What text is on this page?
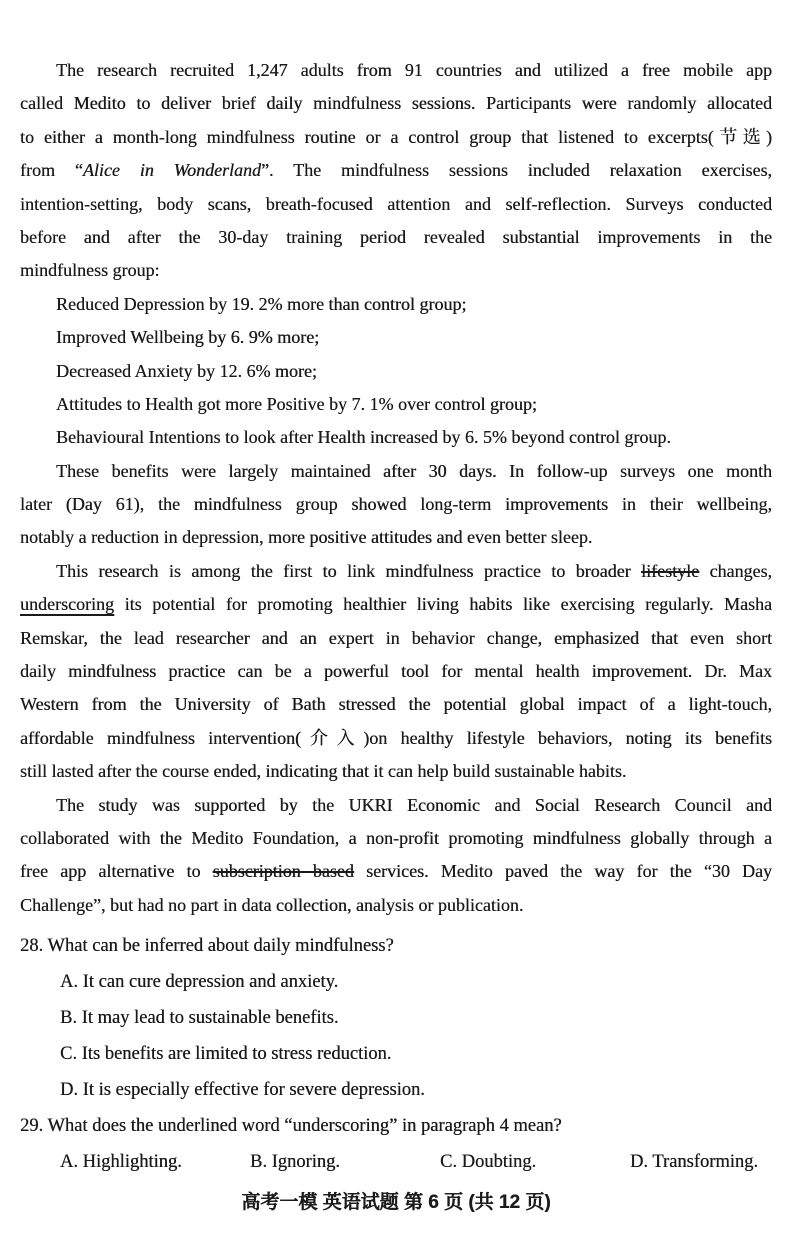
The research recruited 1,247 adults from 91 countries and utilized a free mobile app
called Medito to deliver brief daily mindfulness sessions. Participants were randomly allocated
to either a month-long mindfulness routine or a control group that listened to excerpts(节选)
from “Alice in Wonderland”. The mindfulness sessions included relaxation exercises,
intention-setting, body scans, breath-focused attention and self-reflection. Surveys conducted
before and after the 30-day training period revealed substantial improvements in the
mindfulness group:
Reduced Depression by 19. 2% more than control group;
Improved Wellbeing by 6. 9% more;
Decreased Anxiety by 12. 6% more;
Attitudes to Health got more Positive by 7. 1% over control group;
Behavioural Intentions to look after Health increased by 6. 5% beyond control group.
These benefits were largely maintained after 30 days. In follow-up surveys one month
later (Day 61), the mindfulness group showed long-term improvements in their wellbeing,
notably a reduction in depression, more positive attitudes and even better sleep.
This research is among the first to link mindfulness practice to broader lifestyle changes,
underscoring its potential for promoting healthier living habits like exercising regularly. Masha
Remskar, the lead researcher and an expert in behavior change, emphasized that even short
daily mindfulness practice can be a powerful tool for mental health improvement. Dr. Max
Western from the University of Bath stressed the potential global impact of a light-touch,
affordable mindfulness intervention(介入)on healthy lifestyle behaviors, noting its benefits
still lasted after the course ended, indicating that it can help build sustainable habits.
The study was supported by the UKRI Economic and Social Research Council and
collaborated with the Medito Foundation, a non-profit promoting mindfulness globally through a
free app alternative to subscription based services. Medito paved the way for the “30 Day
Challenge”, but had no part in data collection, analysis or publication.
28. What can be inferred about daily mindfulness?
A. It can cure depression and anxiety.
B. It may lead to sustainable benefits.
C. Its benefits are limited to stress reduction.
D. It is especially effective for severe depression.
29. What does the underlined word “underscoring” in paragraph 4 mean?
A. Highlighting.	B. Ignoring.	C. Doubting.	D. Transforming.
高考一模 英语试题 第 6 页 (共 12 页)
